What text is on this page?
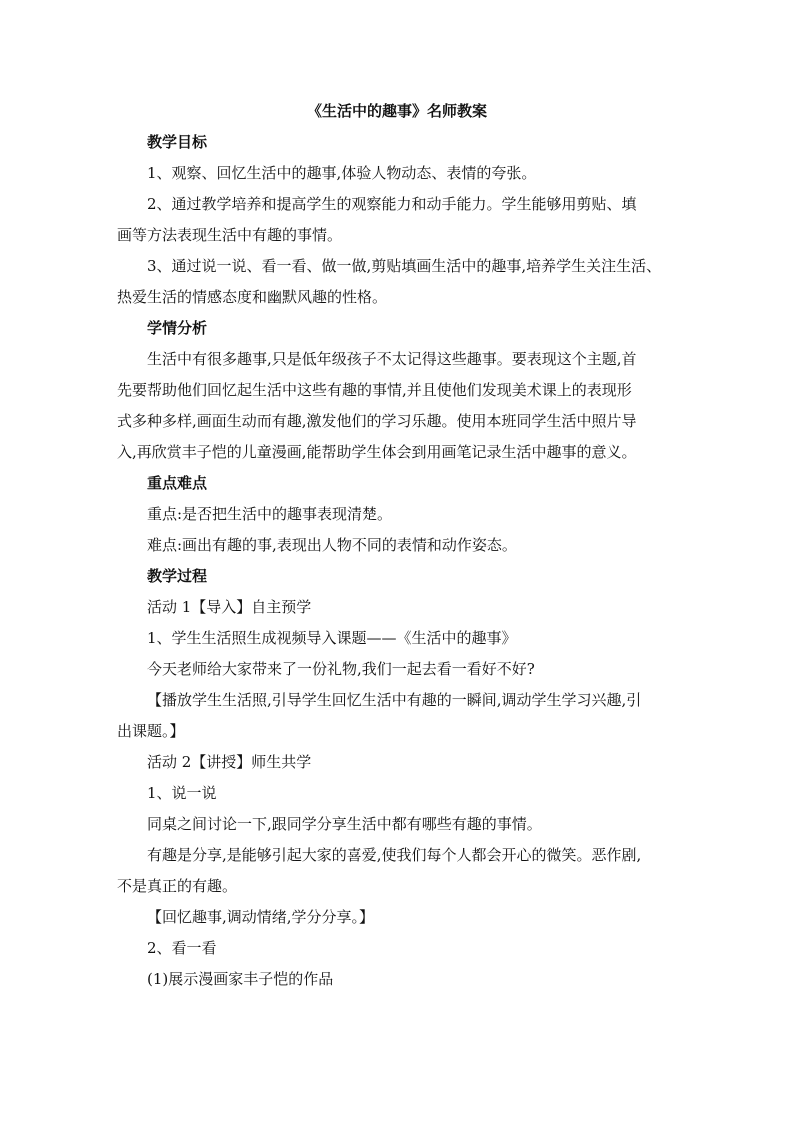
《生活中的趣事》名师教案
教学目标

1、观察、回忆生活中的趣事,体验人物动态、表情的夸张。

2、通过教学培养和提高学生的观察能力和动手能力。学生能够用剪贴、填
画等方法表现生活中有趣的事情。

3、通过说一说、看一看、做一做,剪贴填画生活中的趣事,培养学生关注生活、
热爱生活的情感态度和幽默风趣的性格。

学情分析

生活中有很多趣事,只是低年级孩子不太记得这些趣事。要表现这个主题,首
先要帮助他们回忆起生活中这些有趣的事情,并且使他们发现美术课上的表现形
式多种多样,画面生动而有趣,激发他们的学习乐趣。使用本班同学生活中照片导
入,再欣赏丰子恺的儿童漫画,能帮助学生体会到用画笔记录生活中趣事的意义。

重点难点

重点:是否把生活中的趣事表现清楚。

难点:画出有趣的事,表现出人物不同的表情和动作姿态。

教学过程

活动 1【导入】自主预学

1、学生生活照生成视频导入课题——《生活中的趣事》

今天老师给大家带来了一份礼物,我们一起去看一看好不好?

【播放学生生活照,引导学生回忆生活中有趣的一瞬间,调动学生学习兴趣,引
出课题。】

活动 2【讲授】师生共学

1、说一说

同桌之间讨论一下,跟同学分享生活中都有哪些有趣的事情。

有趣是分享,是能够引起大家的喜爱,使我们每个人都会开心的微笑。恶作剧,
不是真正的有趣。

【回忆趣事,调动情绪,学分分享。】

2、看一看

(1)展示漫画家丰子恺的作品
